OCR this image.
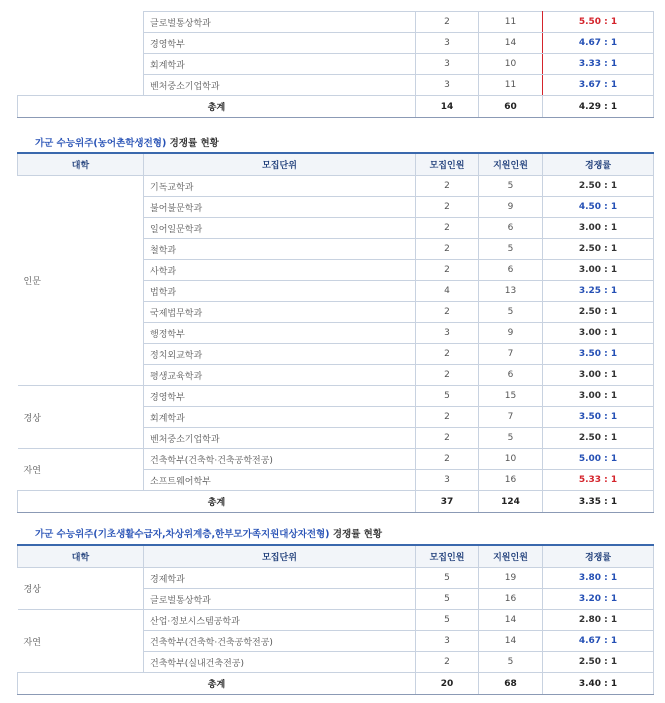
	글로벌통상학과	2	11	5.50 : 1
	경영학부	3	14	4.67 : 1
	회계학과	3	10	3.33 : 1
	벤처중소기업학과	3	11	3.67 : 1
총계		14	60	4.29 : 1
가군 수능위주(농어촌학생전형) 경쟁률 현황
대학	모집단위	모집인원	지원인원	경쟁률
인문	기독교학과	2	5	2.50 : 1
	불어불문학과	2	9	4.50 : 1
	일어일문학과	2	6	3.00 : 1
	철학과	2	5	2.50 : 1
	사학과	2	6	3.00 : 1
	법학과	4	13	3.25 : 1
	국제법무학과	2	5	2.50 : 1
	행정학부	3	9	3.00 : 1
	정치외교학과	2	7	3.50 : 1
	평생교육학과	2	6	3.00 : 1
경상	경영학부	5	15	3.00 : 1
	회계학과	2	7	3.50 : 1
	벤처중소기업학과	2	5	2.50 : 1
자연	건축학부(건축학·건축공학전공)	2	10	5.00 : 1
	소프트웨어학부	3	16	5.33 : 1
총계		37	124	3.35 : 1
가군 수능위주(기초생활수급자,차상위계층,한부모가족지원대상자전형) 경쟁률 현황
대학	모집단위	모집인원	지원인원	경쟁률
경상	경제학과	5	19	3.80 : 1
	글로벌통상학과	5	16	3.20 : 1
자연	산업·정보시스템공학과	5	14	2.80 : 1
	건축학부(건축학·건축공학전공)	3	14	4.67 : 1
	건축학부(실내건축전공)	2	5	2.50 : 1
총계		20	68	3.40 : 1
